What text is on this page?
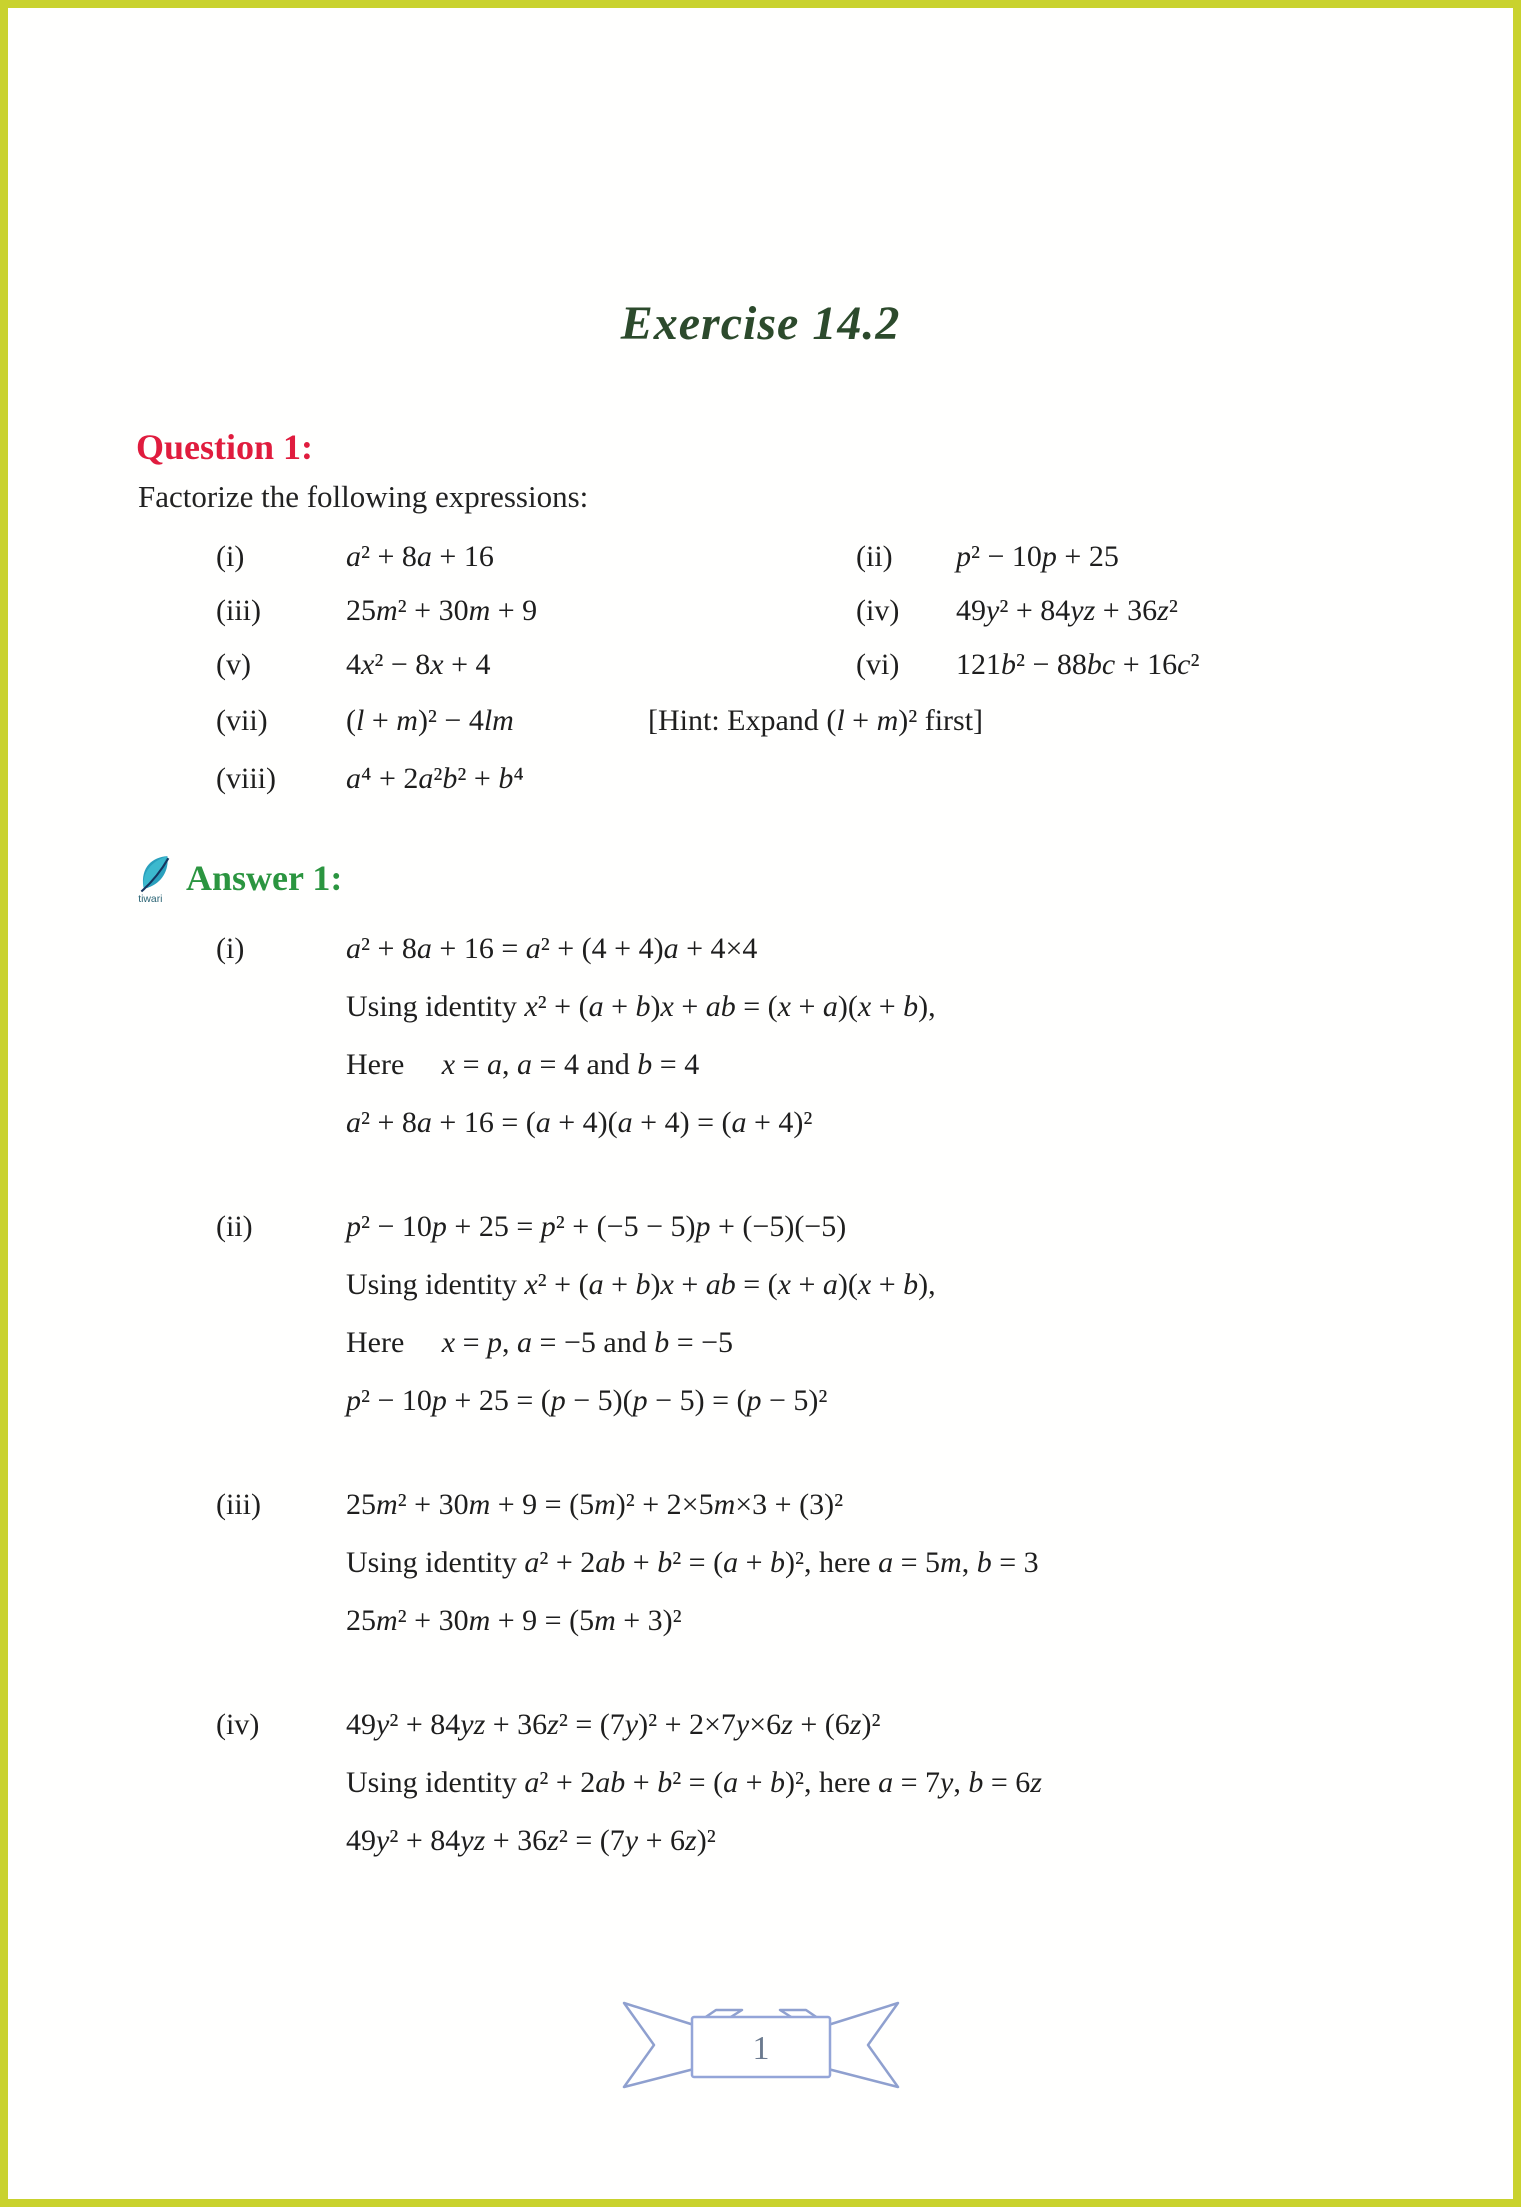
Exercise 14.2
Question 1:
Factorize the following expressions:
(i)	a² + 8a + 16	(ii)	p² − 10p + 25
(iii)	25m² + 30m + 9	(iv)	49y² + 84yz + 36z²
(v)	4x² − 8x + 4	(vi)	121b² − 88bc + 16c²
(vii)	(l + m)² − 4lm	[Hint: Expand (l + m)² first]
(viii)	a⁴ + 2a²b² + b⁴
tiwari
Answer 1:
(i)	a² + 8a + 16 = a² + (4 + 4)a + 4×4
Using identity x² + (a + b)x + ab = (x + a)(x + b),
Here x = a, a = 4 and b = 4
a² + 8a + 16 = (a + 4)(a + 4) = (a + 4)²
(ii)	p² − 10p + 25 = p² + (−5 − 5)p + (−5)(−5)
Using identity x² + (a + b)x + ab = (x + a)(x + b),
Here x = p, a = −5 and b = −5
p² − 10p + 25 = (p − 5)(p − 5) = (p − 5)²
(iii)	25m² + 30m + 9 = (5m)² + 2×5m×3 + (3)²
Using identity a² + 2ab + b² = (a + b)², here a = 5m, b = 3
25m² + 30m + 9 = (5m + 3)²
(iv)	49y² + 84yz + 36z² = (7y)² + 2×7y×6z + (6z)²
Using identity a² + 2ab + b² = (a + b)², here a = 7y, b = 6z
49y² + 84yz + 36z² = (7y + 6z)²
1
